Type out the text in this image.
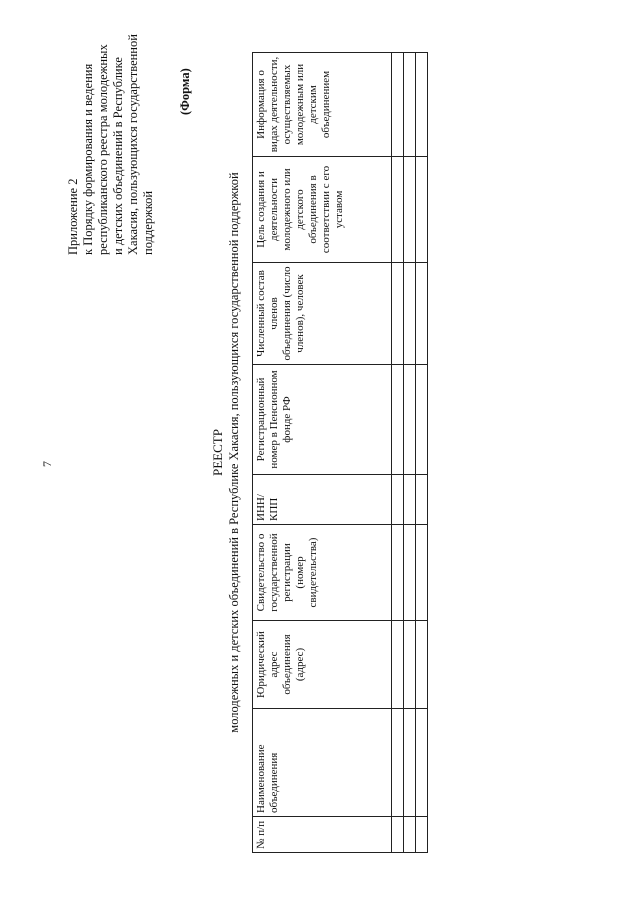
7
Приложение 2 к Порядку формирования и ведения республиканского реестра молодежных и детских объединений в Республике Хакасия, пользующихся государственной поддержкой
(Форма)
РЕЕСТР молодежных и детских объединений в Республике Хакасия, пользующихся государственной поддержкой
№ п/п	Наименование объединения	Юридический адрес объединения (адрес)	Свидетельство о государственной регистрации (номер свидетельства)	ИНН/ КПП	Регистрационный номер в Пенсионном фонде РФ	Численный состав членов объединения (число членов), человек	Цель создания и деятельности молодежного или детского объединения в соответствии с его уставом	Информация о видах деятельности, осуществляемых молодежным или детским объединением
